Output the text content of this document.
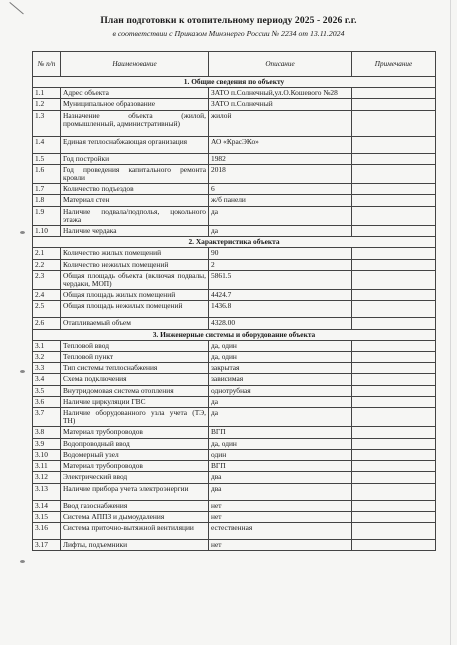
План подготовки к отопительному периоду 2025 - 2026 г.г.
в соответствии с Приказом Минэнерго России № 2234 от 13.11.2024
№ п/п	Наименование	Описание	Примечание
1. Общие сведения по объекту			
1.1	Адрес объекта	ЗАТО п.Солнечный,ул.О.Кошевого №28	
1.2	Муниципальное образование	ЗАТО п.Солнечный	
1.3	Назначение объекта (жилой, промышленный, административный)	жилой	
1.4	Единая теплоснабжающая организация	АО «КрасЭКо»	
1.5	Год постройки	1982	
1.6	Год проведения капитального ремонта кровли	2018	
1.7	Количество подъездов	6	
1.8	Материал стен	ж/б панели	
1.9	Наличие подвала/подполья, цокольного этажа	да	
1.10	Наличие чердака	да	
2. Характеристика объекта			
2.1	Количество жилых помещений	90	
2.2	Количество нежилых помещений	2	
2.3	Общая площадь объекта (включая подвалы, чердаки, МОП)	5861.5	
2.4	Общая площадь жилых помещений	4424.7	
2.5	Общая площадь нежилых помещений	1436.8	
2.6	Отапливаемый объем	4328.00	
3. Инженерные системы и оборудование объекта			
3.1	Тепловой ввод	да, один	
3.2	Тепловой пункт	да, один	
3.3	Тип системы теплоснабжения	закрытая	
3.4	Схема подключения	зависимая	
3.5	Внутридомовая система отопления	однотрубная	
3.6	Наличие циркуляции ГВС	да	
3.7	Наличие оборудованного узла учета (ТЭ, ТН)	да	
3.8	Материал трубопроводов	ВГП	
3.9	Водопроводный ввод	да, один	
3.10	Водомерный узел	один	
3.11	Материал трубопроводов	ВГП	
3.12	Электрический ввод	два	
3.13	Наличие прибора учета электроэнергии	два	
3.14	Ввод газоснабжения	нет	
3.15	Система АППЗ и дымоудаления	нет	
3.16	Система приточно-вытяжной вентиляции	естественная	
3.17	Лифты, подъемники	нет	
